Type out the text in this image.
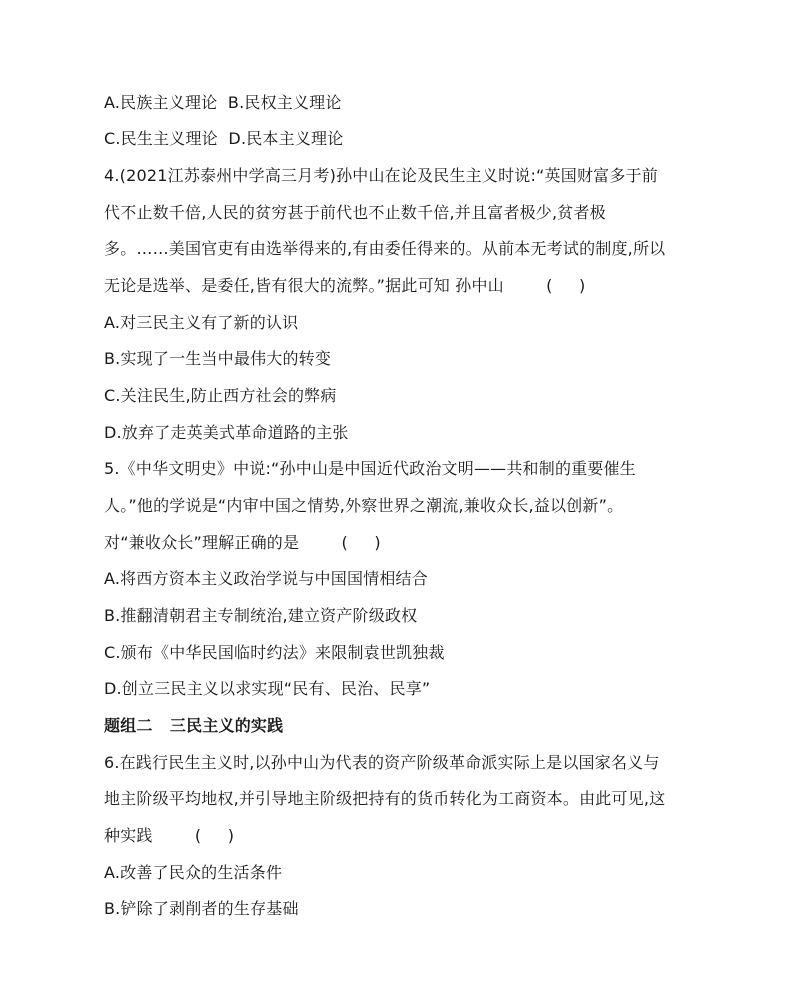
A.民族主义理论  B.民权主义理论
C.民生主义理论  D.民本主义理论
4.(2021江苏泰州中学高三月考)孙中山在论及民生主义时说:“英国财富多于前
代不止数千倍,人民的贫穷甚于前代也不止数千倍,并且富者极少,贫者极
多。……美国官吏有由选举得来的,有由委任得来的。从前本无考试的制度,所以
无论是选举、是委任,皆有很大的流弊。”据此可知 孙中山        (     )
A.对三民主义有了新的认识
B.实现了一生当中最伟大的转变
C.关注民生,防止西方社会的弊病
D.放弃了走英美式革命道路的主张
5.《中华文明史》中说:“孙中山是中国近代政治文明——共和制的重要催生
人。”他的学说是“内审中国之情势,外察世界之潮流,兼收众长,益以创新”。
对“兼收众长”理解正确的是        (     )
A.将西方资本主义政治学说与中国国情相结合
B.推翻清朝君主专制统治,建立资产阶级政权
C.颁布《中华民国临时约法》来限制袁世凯独裁
D.创立三民主义以求实现“民有、民治、民享”
题组二   三民主义的实践
6.在践行民生主义时,以孙中山为代表的资产阶级革命派实际上是以国家名义与
地主阶级平均地权,并引导地主阶级把持有的货币转化为工商资本。由此可见,这
种实践        (     )
A.改善了民众的生活条件
B.铲除了剥削者的生存基础
